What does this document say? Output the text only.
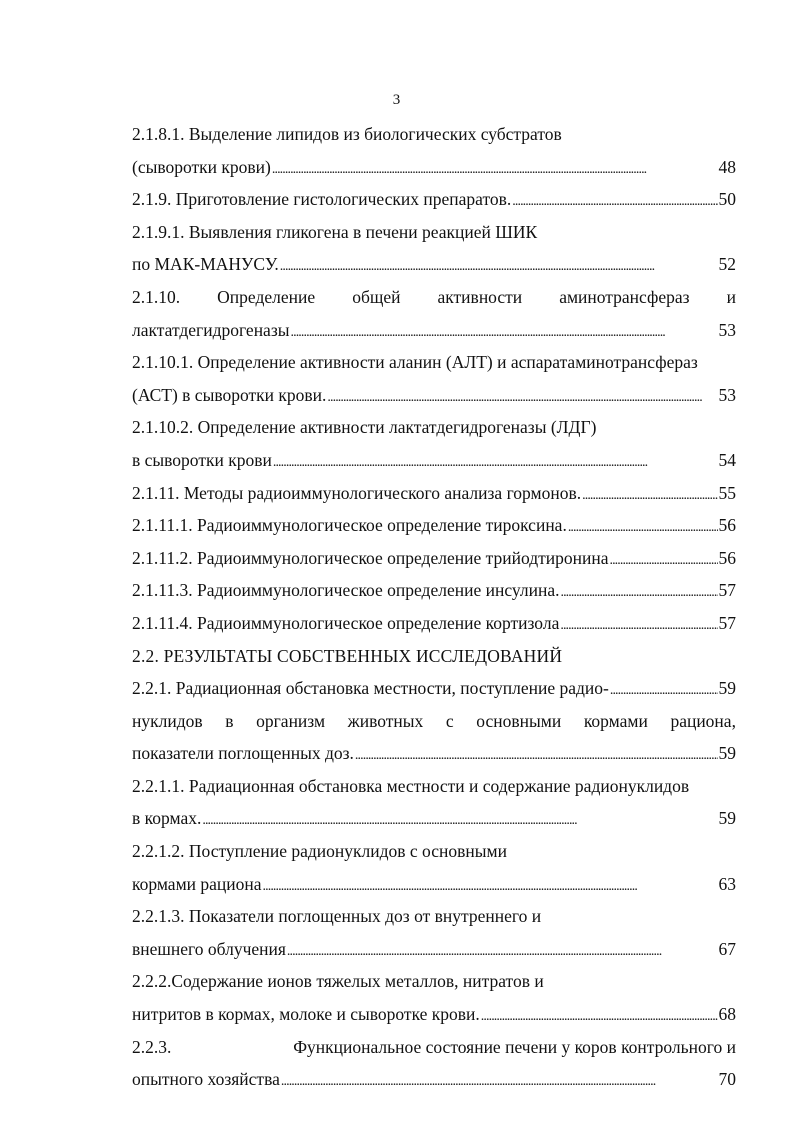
3
2.1.8.1. Выделение липидов из биологических субстратов
(сыворотки крови) . . .	48
2.1.9. Приготовление гистологических препаратов. . . .	50
2.1.9.1. Выявления гликогена в печени реакцией ШИК
по МАК-МАНУСУ. . . .	52
2.1.10. Определение общей активности аминотрансфераз и
лактатдегидрогеназы . . .	53
2.1.10.1. Определение активности аланин (АЛТ) и аспаратаминотрансфераз
(АСТ) в сыворотки крови. . . .	53
2.1.10.2. Определение активности лактатдегидрогеназы (ЛДГ)
в сыворотки крови . . .	54
2.1.11. Методы радиоиммунологического анализа гормонов. . . .	55
2.1.11.1. Радиоиммунологическое определение тироксина. . . .	56
2.1.11.2. Радиоиммунологическое определение трийодтиронина . . .	56
2.1.11.3. Радиоиммунологическое определение инсулина. . . .	57
2.1.11.4. Радиоиммунологическое определение кортизола . . .	57
2.2. РЕЗУЛЬТАТЫ СОБСТВЕННЫХ ИССЛЕДОВАНИЙ
2.2.1. Радиационная обстановка местности, поступление радио- . . .	59
нуклидов в организм животных с основными кормами рациона,
показатели поглощенных доз. . . .	59
2.2.1.1. Радиационная обстановка местности и содержание радионуклидов
в кормах. . . .	59
2.2.1.2. Поступление радионуклидов с основными
кормами рациона . . .	63
2.2.1.3. Показатели поглощенных доз от внутреннего и
внешнего облучения . . .	67
2.2.2.Содержание ионов тяжелых металлов, нитратов и
нитритов в кормах, молоке и сыворотке крови. . . .	68
2.2.3.	Функциональное состояние печени у коров контрольного и
опытного хозяйства . . .	70
